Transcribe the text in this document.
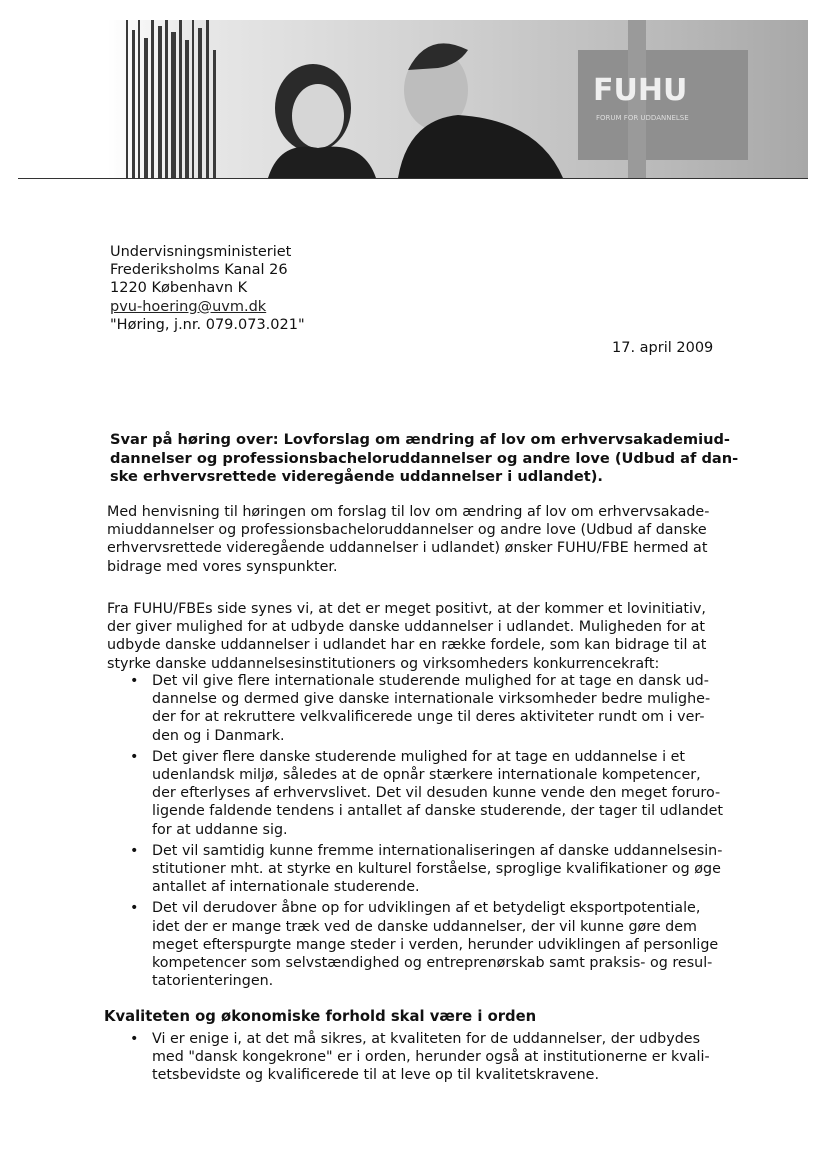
FUHU
FORUM FOR UDDANNELSE
Undervisningsministeriet
Frederiksholms Kanal 26
1220 København K
pvu-hoering@uvm.dk
"Høring, j.nr. 079.073.021"
17. april 2009
Svar på høring over: Lovforslag om ændring af lov om erhvervsakademiud-
dannelser og professionsbacheloruddannelser og andre love (Udbud af dan-
ske erhvervsrettede videregående uddannelser i udlandet).
Med henvisning til høringen om forslag til lov om ændring af lov om erhvervsakade-
miuddannelser og professionsbacheloruddannelser og andre love (Udbud af danske
erhvervsrettede videregående uddannelser i udlandet) ønsker FUHU/FBE hermed at
bidrage med vores synspunkter.
Fra FUHU/FBEs side synes vi, at det er meget positivt, at der kommer et lovinitiativ,
der giver mulighed for at udbyde danske uddannelser i udlandet. Muligheden for at
udbyde danske uddannelser i udlandet har en række fordele, som kan bidrage til at
styrke danske uddannelsesinstitutioners og virksomheders konkurrencekraft:
• Det vil give flere internationale studerende mulighed for at tage en dansk ud-
dannelse og dermed give danske internationale virksomheder bedre mulighe-
der for at rekruttere velkvalificerede unge til deres aktiviteter rundt om i ver-
den og i Danmark.
• Det giver flere danske studerende mulighed for at tage en uddannelse i et
udenlandsk miljø, således at de opnår stærkere internationale kompetencer,
der efterlyses af erhvervslivet. Det vil desuden kunne vende den meget foruro-
ligende faldende tendens i antallet af danske studerende, der tager til udlandet
for at uddanne sig.
• Det vil samtidig kunne fremme internationaliseringen af danske uddannelsesin-
stitutioner mht. at styrke en kulturel forståelse, sproglige kvalifikationer og øge
antallet af internationale studerende.
• Det vil derudover åbne op for udviklingen af et betydeligt eksportpotentiale,
idet der er mange træk ved de danske uddannelser, der vil kunne gøre dem
meget efterspurgte mange steder i verden, herunder udviklingen af personlige
kompetencer som selvstændighed og entreprenørskab samt praksis- og resul-
tatorienteringen.
Kvaliteten og økonomiske forhold skal være i orden
• Vi er enige i, at det må sikres, at kvaliteten for de uddannelser, der udbydes
med "dansk kongekrone" er i orden, herunder også at institutionerne er kvali-
tetsbevidste og kvalificerede til at leve op til kvalitetskravene.
